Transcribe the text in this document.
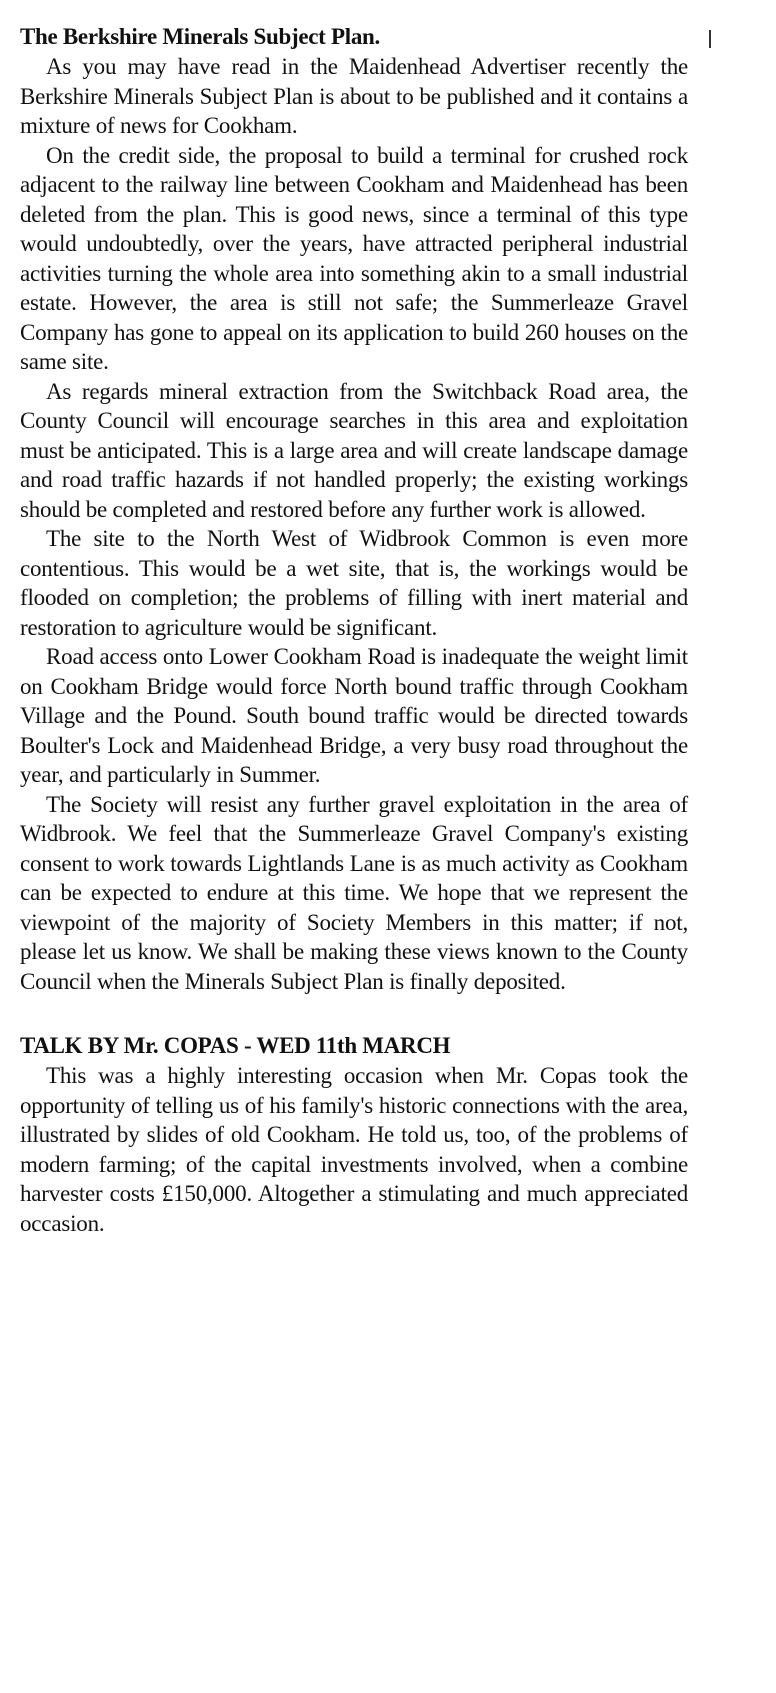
The Berkshire Minerals Subject Plan.

As you may have read in the Maidenhead Advertiser recently the Berkshire Minerals Subject Plan is about to be published and it contains a mixture of news for Cookham.

On the credit side, the proposal to build a terminal for crushed rock adjacent to the railway line between Cookham and Maidenhead has been deleted from the plan. This is good news, since a terminal of this type would undoubtedly, over the years, have attracted peripheral industrial activities turning the whole area into something akin to a small industrial estate. However, the area is still not safe; the Summerleaze Gravel Company has gone to appeal on its application to build 260 houses on the same site.

As regards mineral extraction from the Switchback Road area, the County Council will encourage searches in this area and exploitation must be anticipated. This is a large area and will create landscape damage and road traffic hazards if not handled properly; the existing workings should be completed and restored before any further work is allowed.

The site to the North West of Widbrook Common is even more contentious. This would be a wet site, that is, the workings would be flooded on completion; the problems of filling with inert material and restoration to agriculture would be significant.

Road access onto Lower Cookham Road is inadequate the weight limit on Cookham Bridge would force North bound traffic through Cookham Village and the Pound. South bound traffic would be directed towards Boulter's Lock and Maidenhead Bridge, a very busy road throughout the year, and particularly in Summer.

The Society will resist any further gravel exploitation in the area of Widbrook. We feel that the Summerleaze Gravel Company's existing consent to work towards Lightlands Lane is as much activity as Cookham can be expected to endure at this time. We hope that we represent the viewpoint of the majority of Society Members in this matter; if not, please let us know. We shall be making these views known to the County Council when the Minerals Subject Plan is finally deposited.

TALK BY Mr. COPAS - WED 11th MARCH

This was a highly interesting occasion when Mr. Copas took the opportunity of telling us of his family's historic connections with the area, illustrated by slides of old Cookham. He told us, too, of the problems of modern farming; of the capital investments involved, when a combine harvester costs £150,000. Altogether a stimulating and much appreciated occasion.
